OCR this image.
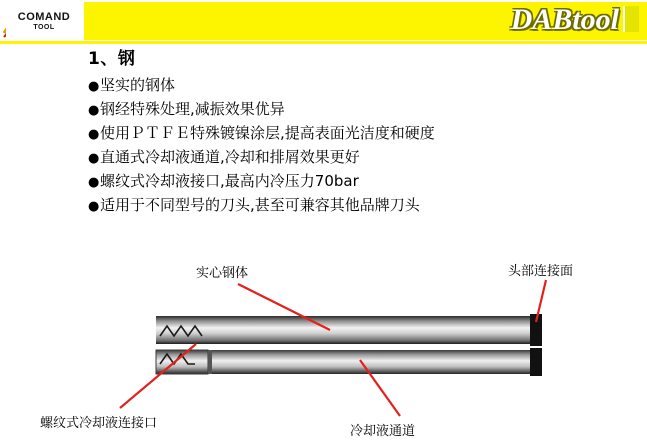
COMAND
TOOL	DABtool
1、钢
●坚实的钢体
●钢经特殊处理,减振效果优异
●使用ＰＴＦＥ特殊镀镍涂层,提高表面光洁度和硬度
●直通式冷却液通道,冷却和排屑效果更好
●螺纹式冷却液接口,最高内冷压力70bar
●适用于不同型号的刀头,甚至可兼容其他品牌刀头
实心钢体	头部连接面
螺纹式冷却液连接口
冷却液通道
